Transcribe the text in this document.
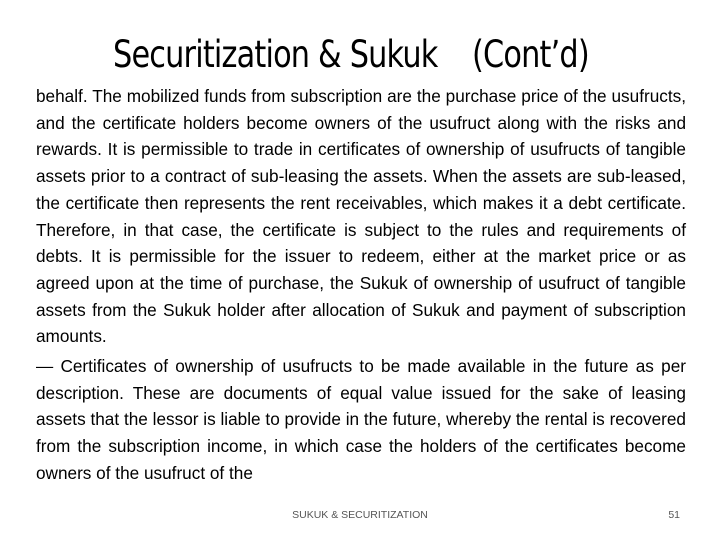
Securitization & Sukuk (Cont’d)

behalf. The mobilized funds from subscription are the purchase price of the usufructs, and the certificate holders become owners of the usufruct along with the risks and rewards. It is permissible to trade in certificates of ownership of usufructs of tangible assets prior to a contract of sub-leasing the assets. When the assets are sub-leased, the certificate then represents the rent receivables, which makes it a debt certificate. Therefore, in that case, the certificate is subject to the rules and requirements of debts. It is permissible for the issuer to redeem, either at the market price or as agreed upon at the time of purchase, the Sukuk of ownership of usufruct of tangible assets from the Sukuk holder after allocation of Sukuk and payment of subscription amounts.

— Certificates of ownership of usufructs to be made available in the future as per description. These are documents of equal value issued for the sake of leasing assets that the lessor is liable to provide in the future, whereby the rental is recovered from the subscription income, in which case the holders of the certificates become owners of the usufruct of the

SUKUK & SECURITIZATION	51
